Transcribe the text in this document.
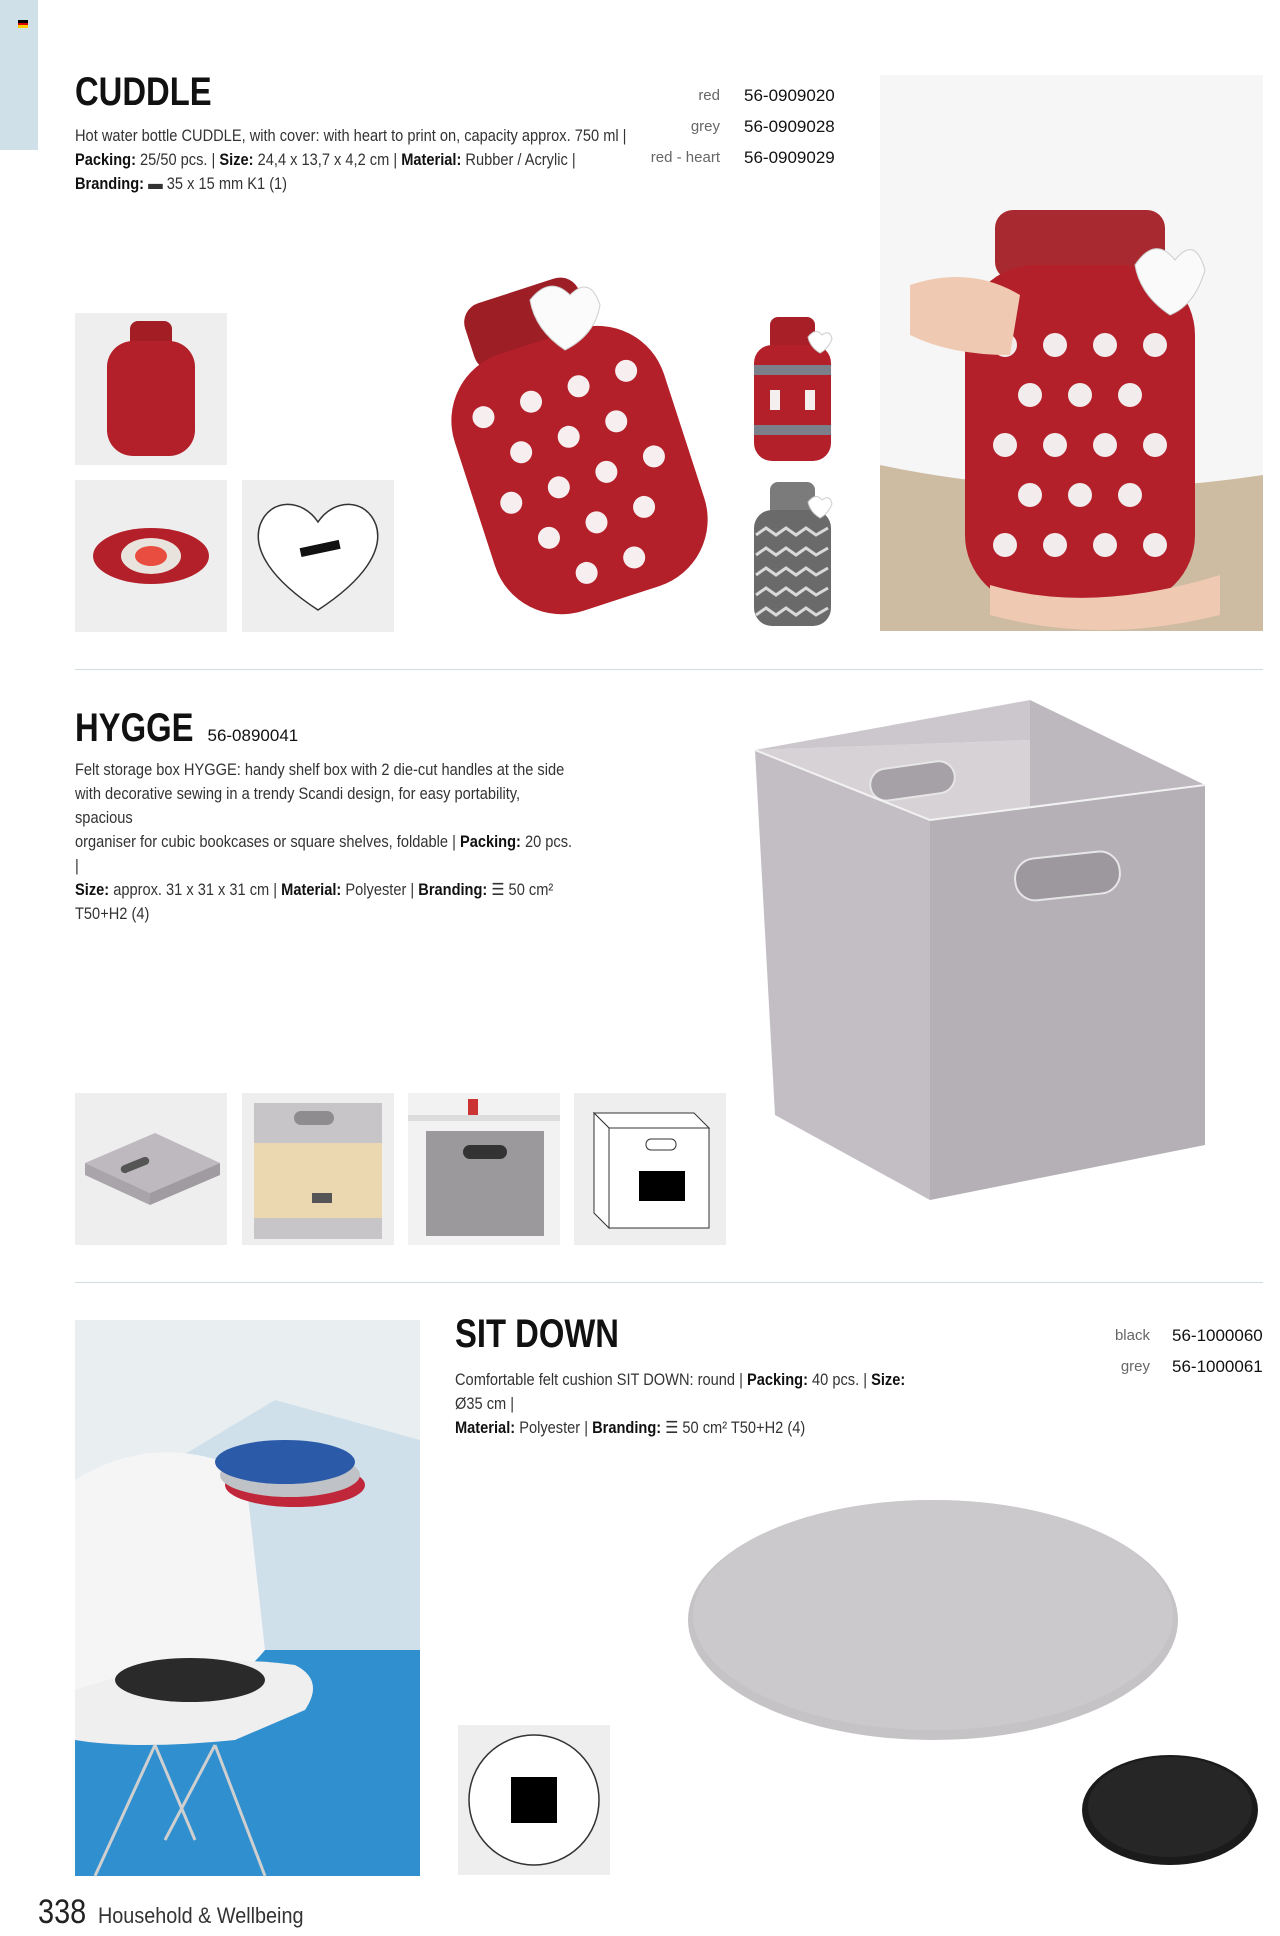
CUDDLE
Hot water bottle CUDDLE, with cover: with heart to print on, capacity approx. 750 ml |
Packing: 25/50 pcs. | Size: 24,4 x 13,7 x 4,2 cm | Material: Rubber / Acrylic |
Branding: ▬ 35 x 15 mm K1 (1)
red 56-0909020
grey 56-0909028
red - heart 56-0909029
HYGGE 56-0890041
Felt storage box HYGGE: handy shelf box with 2 die-cut handles at the side
with decorative sewing in a trendy Scandi design, for easy portability, spacious
organiser for cubic bookcases or square shelves, foldable | Packing: 20 pcs. |
Size: approx. 31 x 31 x 31 cm | Material: Polyester | Branding: ☰ 50 cm² T50+H2 (4)
SIT DOWN
Comfortable felt cushion SIT DOWN: round | Packing: 40 pcs. | Size: Ø35 cm |
Material: Polyester | Branding: ☰ 50 cm² T50+H2 (4)
black 56-1000060
grey 56-1000061
338 Household & Wellbeing
